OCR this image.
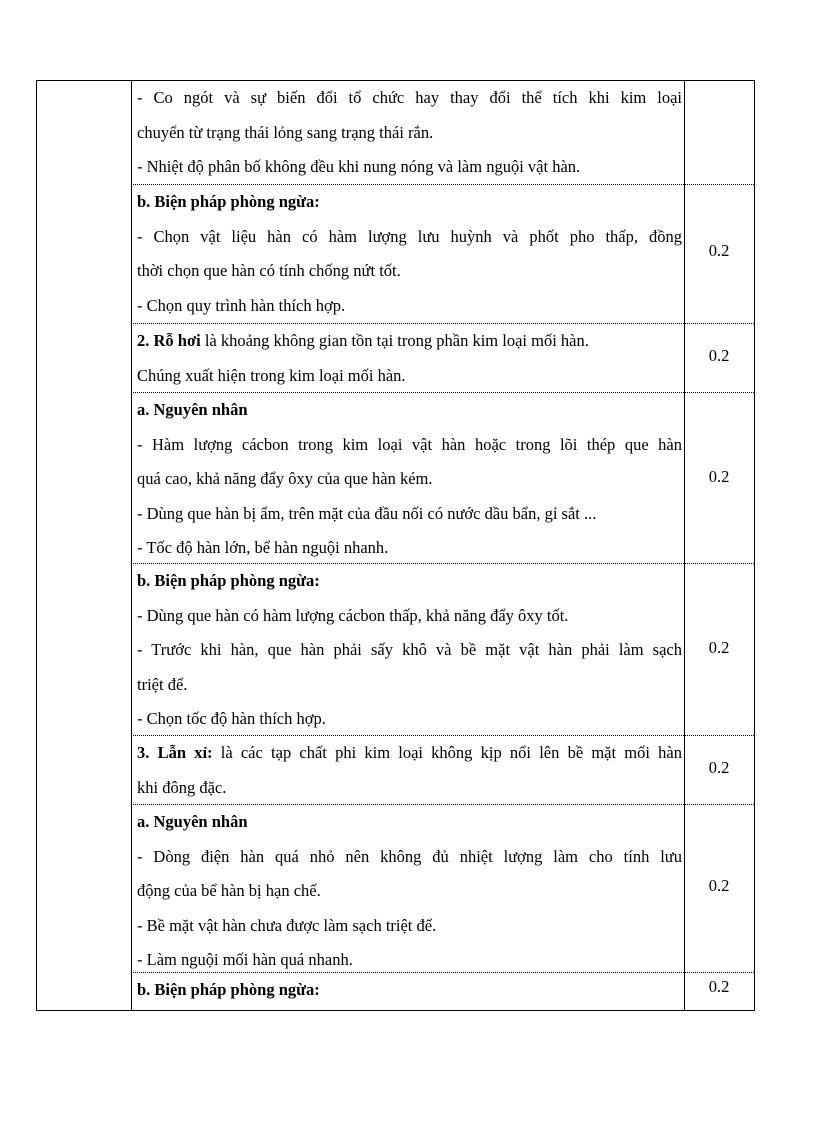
- Co ngót và sự biến đổi tổ chức hay thay đổi thể tích khi kim loại
chuyển từ trạng thái lỏng sang trạng thái rắn.
- Nhiệt độ phân bố không đều khi nung nóng và làm nguội vật hàn.
b. Biện pháp phòng ngừa:
- Chọn vật liệu hàn có hàm lượng lưu huỳnh và phốt pho thấp, đồng
thời chọn que hàn có tính chống nứt tốt.
- Chọn quy trình hàn thích hợp.
0.2
2. Rỗ hơi là khoảng không gian tồn tại trong phần kim loại mối hàn.
Chúng xuất hiện trong kim loại mối hàn.
0.2
a. Nguyên nhân
- Hàm lượng cácbon trong kim loại vật hàn hoặc trong lõi thép que hàn
quá cao, khả năng đẩy ôxy của que hàn kém.
- Dùng que hàn bị ẩm, trên mặt của đầu nối có nước dầu bẩn, gỉ sắt ...
- Tốc độ hàn lớn, bể hàn nguội nhanh.
0.2
b. Biện pháp phòng ngừa:
- Dùng que hàn có hàm lượng cácbon thấp, khả năng đẩy ôxy tốt.
- Trước khi hàn, que hàn phải sấy khô và bề mặt vật hàn phải làm sạch
triệt để.
- Chọn tốc độ hàn thích hợp.
0.2
3. Lẫn xỉ: là các tạp chất phi kim loại không kịp nổi lên bề mặt mối hàn
khi đông đặc.
0.2
a. Nguyên nhân
- Dòng điện hàn quá nhỏ nên không đủ nhiệt lượng làm cho tính lưu
động của bể hàn bị hạn chế.
- Bề mặt vật hàn chưa được làm sạch triệt để.
- Làm nguội mối hàn quá nhanh.
0.2
b. Biện pháp phòng ngừa:	0.2
